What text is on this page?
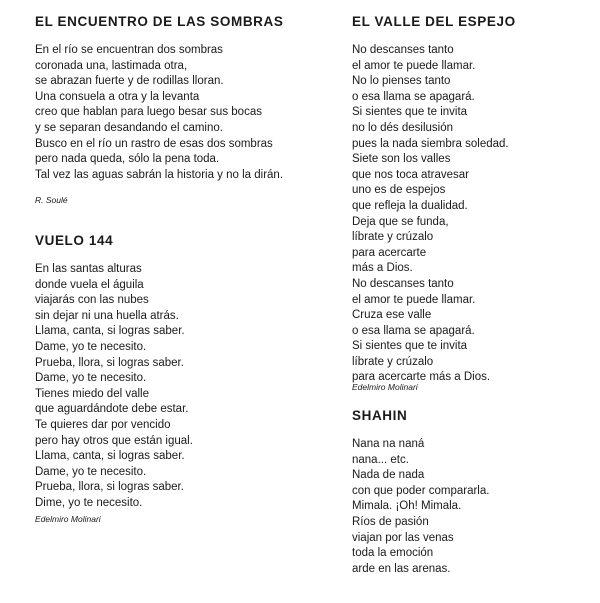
EL ENCUENTRO DE LAS SOMBRAS
En el río se encuentran dos sombras
coronada una, lastimada otra,
se abrazan fuerte y de rodillas lloran.
Una consuela a otra y la levanta
creo que hablan para luego besar sus bocas
y se separan desandando el camino.
Busco en el río un rastro de esas dos sombras
pero nada queda, sólo la pena toda.
Tal vez las aguas sabrán la historia y no la dirán.
R. Soulé
VUELO 144
En las santas alturas
donde vuela el águila
viajarás con las nubes
sin dejar ni una huella atrás.
Llama, canta, si logras saber.
Dame, yo te necesito.
Prueba, llora, si logras saber.
Dame, yo te necesito.
Tienes miedo del valle
que aguardándote debe estar.
Te quieres dar por vencido
pero hay otros que están igual.
Llama, canta, si logras saber.
Dame, yo te necesito.
Prueba, llora, si logras saber.
Dime, yo te necesito.
Edelmiro Molinari
EL VALLE DEL ESPEJO
No descanses tanto
el amor te puede llamar.
No lo pienses tanto
o esa llama se apagará.
Si sientes que te invita
no lo dés desilusión
pues la nada siembra soledad.
Siete son los valles
que nos toca atravesar
uno es de espejos
que refleja la dualidad.
Deja que se funda,
líbrate y crúzalo
para acercarte
más a Dios.
No descanses tanto
el amor te puede llamar.
Cruza ese valle
o esa llama se apagará.
Si sientes que te invita
líbrate y crúzalo
para acercarte más a Dios.
Edelmiro Molinari
SHAHIN
Nana na naná
nana... etc.
Nada de nada
con que poder compararla.
Mimala. ¡Oh! Mimala.
Ríos de pasión
viajan por las venas
toda la emoción
arde en las arenas.
